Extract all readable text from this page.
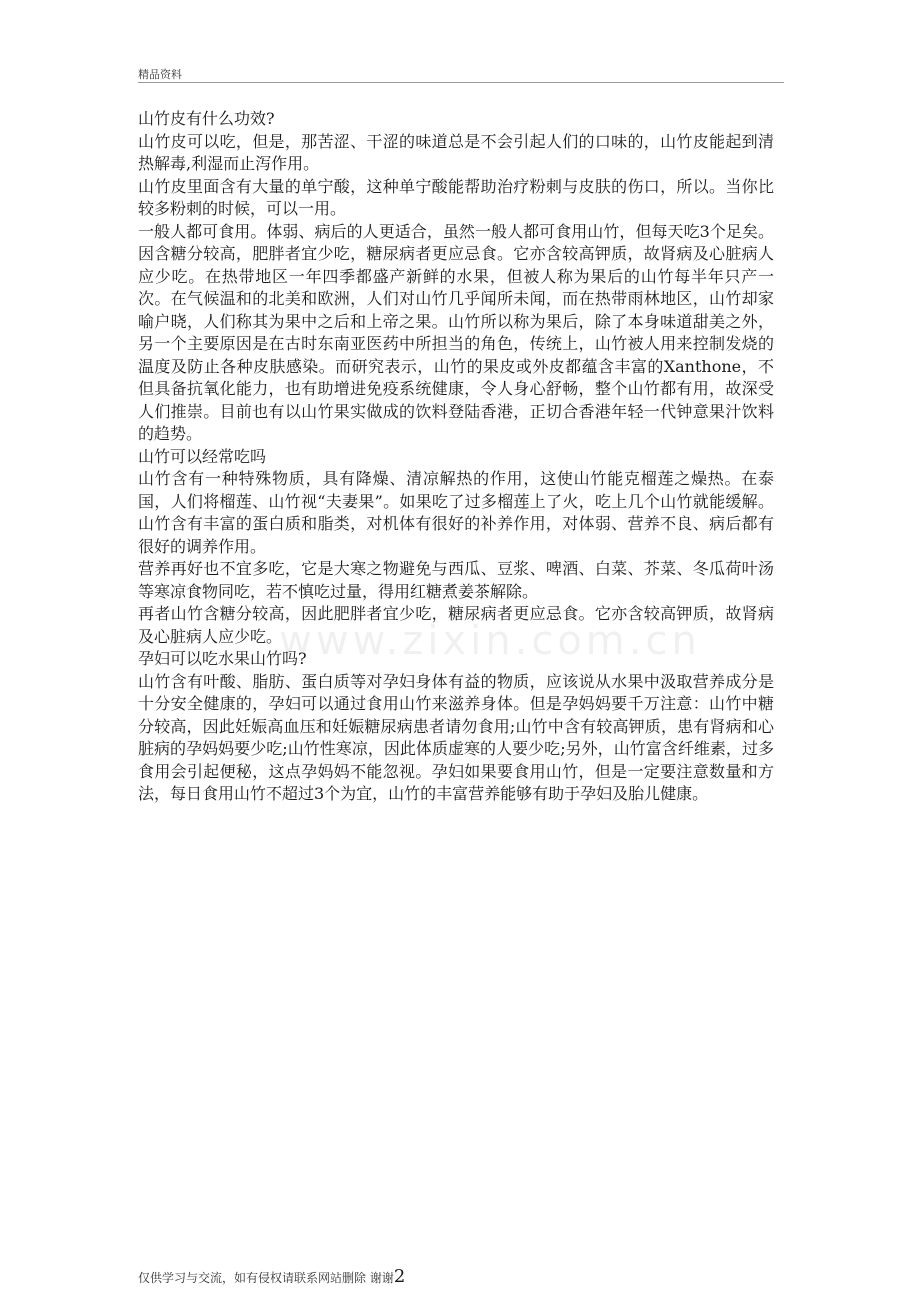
精品资料

山竹皮有什么功效?

山竹皮可以吃，但是，那苦涩、干涩的味道总是不会引起人们的口味的，山竹皮能起到清热解毒,利湿而止泻作用。

山竹皮里面含有大量的单宁酸，这种单宁酸能帮助治疗粉刺与皮肤的伤口，所以。当你比较多粉刺的时候，可以一用。

一般人都可食用。体弱、病后的人更适合，虽然一般人都可食用山竹，但每天吃3个足矣。因含糖分较高，肥胖者宜少吃，糖尿病者更应忌食。它亦含较高钾质，故肾病及心脏病人应少吃。在热带地区一年四季都盛产新鲜的水果，但被人称为果后的山竹每半年只产一次。在气候温和的北美和欧洲，人们对山竹几乎闻所未闻，而在热带雨林地区，山竹却家喻户晓，人们称其为果中之后和上帝之果。山竹所以称为果后，除了本身味道甜美之外，另一个主要原因是在古时东南亚医药中所担当的角色，传统上，山竹被人用来控制发烧的温度及防止各种皮肤感染。而研究表示，山竹的果皮或外皮都蕴含丰富的Xanthone，不但具备抗氧化能力，也有助增进免疫系统健康，令人身心舒畅，整个山竹都有用，故深受人们推崇。目前也有以山竹果实做成的饮料登陆香港，正切合香港年轻一代钟意果汁饮料的趋势。

山竹可以经常吃吗

山竹含有一种特殊物质，具有降燥、清凉解热的作用，这使山竹能克榴莲之燥热。在泰国，人们将榴莲、山竹视“夫妻果”。如果吃了过多榴莲上了火，吃上几个山竹就能缓解。山竹含有丰富的蛋白质和脂类，对机体有很好的补养作用，对体弱、营养不良、病后都有很好的调养作用。

营养再好也不宜多吃，它是大寒之物避免与西瓜、豆浆、啤酒、白菜、芥菜、冬瓜荷叶汤等寒凉食物同吃，若不慎吃过量，得用红糖煮姜茶解除。

再者山竹含糖分较高，因此肥胖者宜少吃，糖尿病者更应忌食。它亦含较高钾质，故肾病及心脏病人应少吃。

孕妇可以吃水果山竹吗?

山竹含有叶酸、脂肪、蛋白质等对孕妇身体有益的物质，应该说从水果中汲取营养成分是十分安全健康的，孕妇可以通过食用山竹来滋养身体。但是孕妈妈要千万注意：山竹中糖分较高，因此妊娠高血压和妊娠糖尿病患者请勿食用;山竹中含有较高钾质，患有肾病和心脏病的孕妈妈要少吃;山竹性寒凉，因此体质虚寒的人要少吃;另外，山竹富含纤维素，过多食用会引起便秘，这点孕妈妈不能忽视。孕妇如果要食用山竹，但是一定要注意数量和方法，每日食用山竹不超过3个为宜，山竹的丰富营养能够有助于孕妇及胎儿健康。

www.zixin.com.cn
仅供学习与交流，如有侵权请联系网站删除 谢谢2
